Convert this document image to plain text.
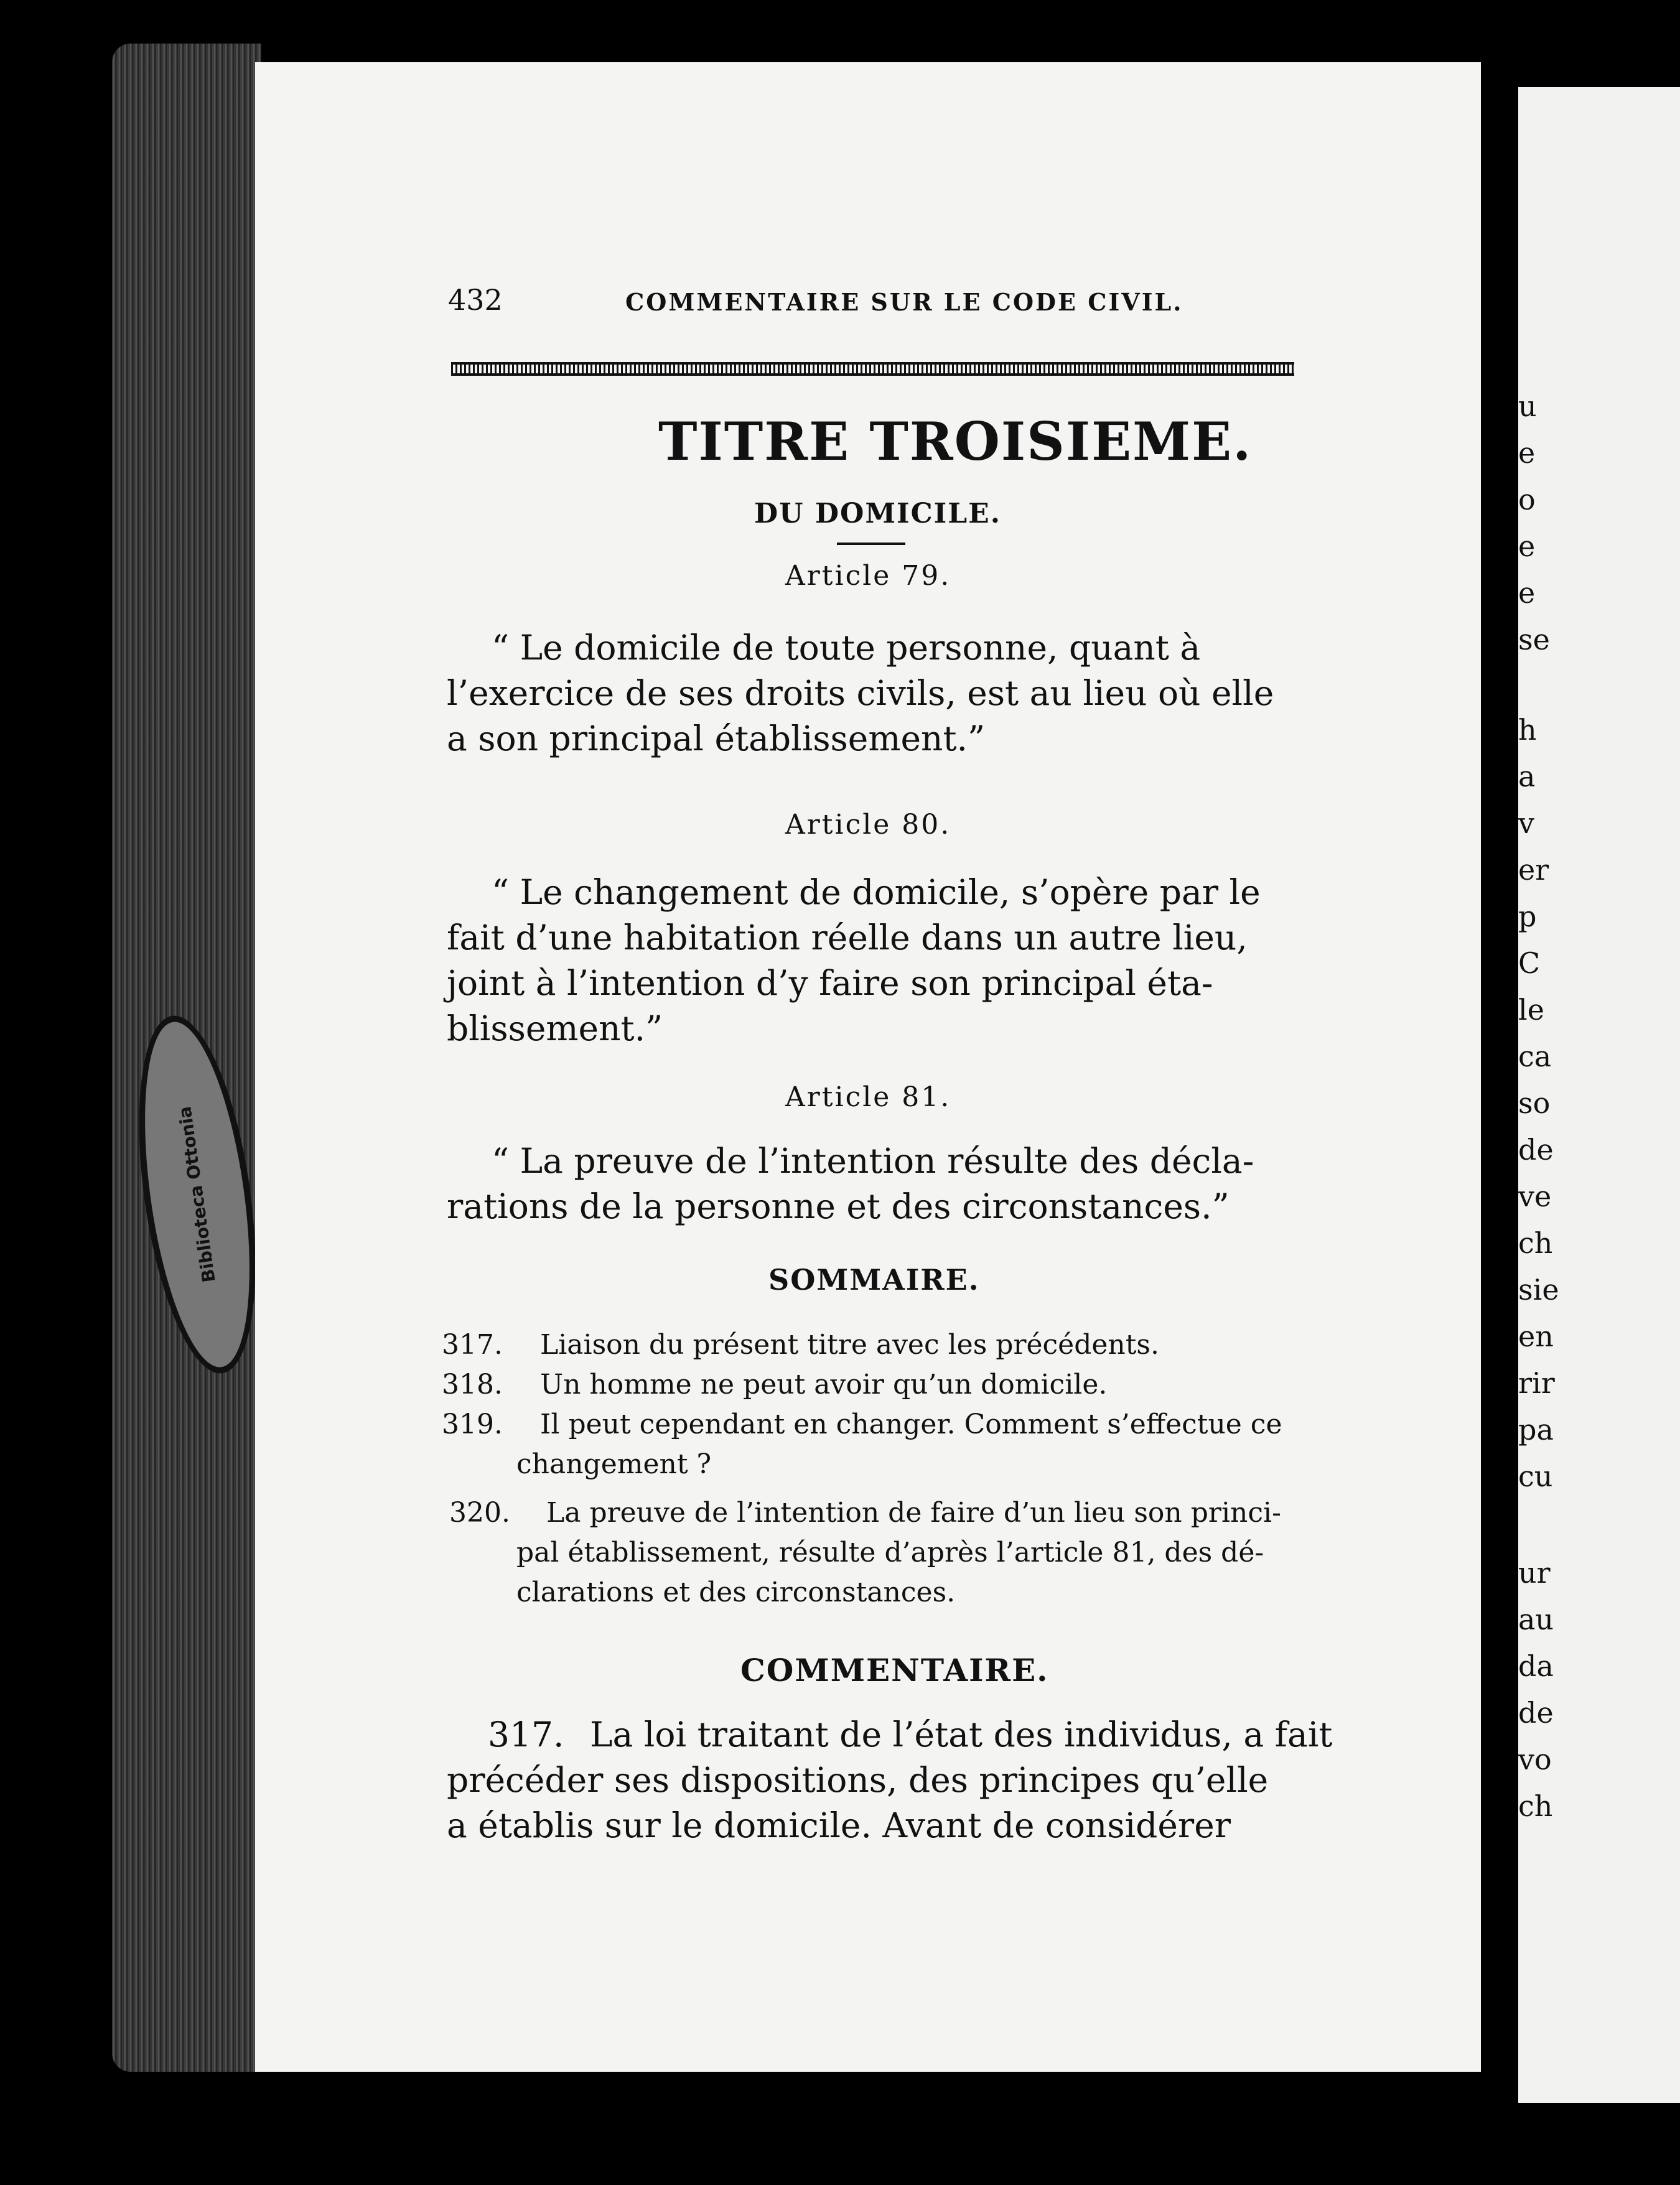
Biblioteca Ottonia
u
e
o
e
e
se
h
a
v
er
p
C
le
ca
so
de
ve
ch
sie
en
rir
pa
cu
ur
au
da
de
vo
ch
432	COMMENTAIRE SUR LE CODE CIVIL.
TITRE TROISIEME.
DU DOMICILE.
Article 79.
“ Le domicile de toute personne, quant à
l’exercice de ses droits civils, est au lieu où elle
a son principal établissement.”
Article 80.
“ Le changement de domicile, s’opère par le
fait d’une habitation réelle dans un autre lieu,
joint à l’intention d’y faire son principal éta-
blissement.”
Article 81.
“ La preuve de l’intention résulte des décla-
rations de la personne et des circonstances.”
SOMMAIRE.
317. Liaison du présent titre avec les précédents.
318. Un homme ne peut avoir qu’un domicile.
319. Il peut cependant en changer. Comment s’effectue ce
changement ?
320. La preuve de l’intention de faire d’un lieu son princi-
pal établissement, résulte d’après l’article 81, des dé-
clarations et des circonstances.
COMMENTAIRE.
317. La loi traitant de l’état des individus, a fait
précéder ses dispositions, des principes qu’elle
a établis sur le domicile. Avant de considérer
